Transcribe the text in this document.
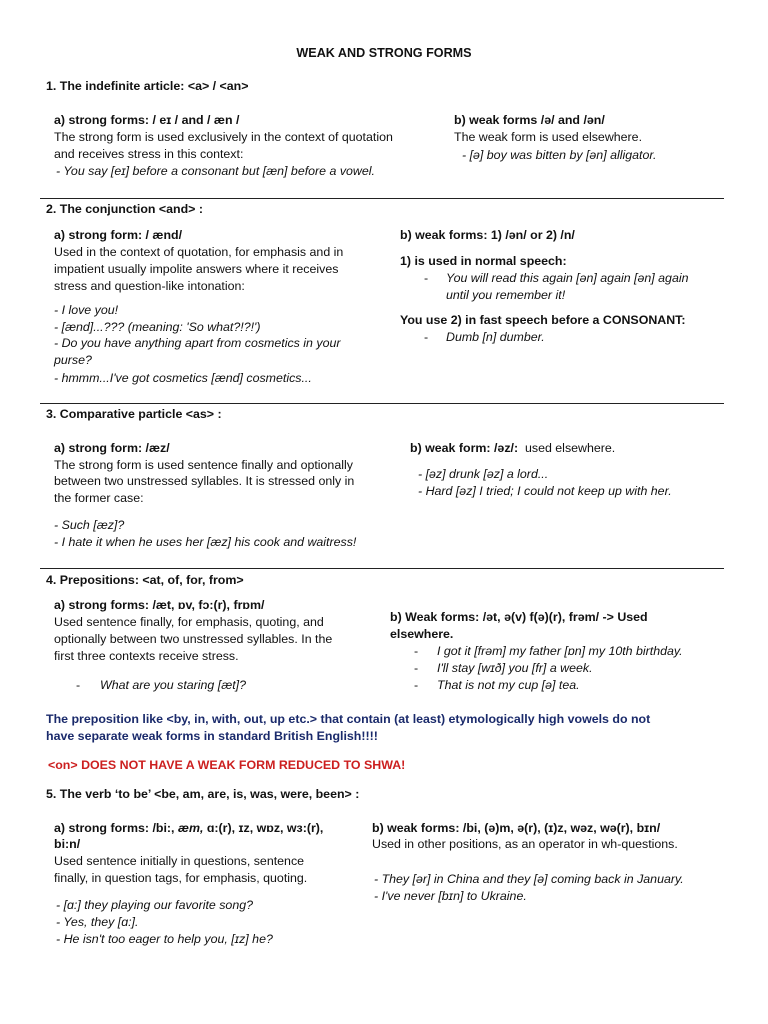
WEAK AND STRONG FORMS
1. The indefinite article: <a> / <an>
a) strong forms: / eɪ / and / æn /
The strong form is used exclusively in the context of quotation
and receives stress in this context:
- You say [eɪ] before a consonant but [æn] before a vowel.
b) weak forms /ə/ and /ən/
The weak form is used elsewhere.
- [ə] boy was bitten by [ən] alligator.
2. The conjunction <and> :
a) strong form: / ænd/
Used in the context of quotation, for emphasis and in
impatient usually impolite answers where it receives
stress and question-like intonation:
- I love you!
- [ænd]...??? (meaning: 'So what?!?!')
- Do you have anything apart from cosmetics in your
purse?
- hmmm...I've got cosmetics [ænd] cosmetics...
b) weak forms: 1) /ən/ or 2) /n/
1) is used in normal speech:
- You will read this again [ən] again [ən] again
until you remember it!
You use 2) in fast speech before a CONSONANT:
- Dumb [n] dumber.
3. Comparative particle <as> :
a) strong form: /æz/
The strong form is used sentence finally and optionally
between two unstressed syllables. It is stressed only in
the former case:
- Such [æz]?
- I hate it when he uses her [æz] his cook and waitress!
b) weak form: /əz/: used elsewhere.
- [əz] drunk [əz] a lord...
- Hard [əz] I tried; I could not keep up with her.
4. Prepositions: <at, of, for, from>
a) strong forms: /æt, ɒv, fɔ:(r), frɒm/
Used sentence finally, for emphasis, quoting, and
optionally between two unstressed syllables. In the
first three contexts receive stress.
- What are you staring [æt]?
b) Weak forms: /ət, ə(v) f(ə)(r), frəm/ -> Used
elsewhere.
- I got it [frəm] my father [ɒn] my 10th birthday.
- I'll stay [wɪð] you [fr] a week.
- That is not my cup [ə] tea.
The preposition like <by, in, with, out, up etc.> that contain (at least) etymologically high vowels do not
have separate weak forms in standard British English!!!!
<on> DOES NOT HAVE A WEAK FORM REDUCED TO SHWA!
5. The verb ‘to be’ <be, am, are, is, was, were, been> :
a) strong forms: /bi:, æm, ɑ:(r), ɪz, wɒz, wɜ:(r),
bi:n/
Used sentence initially in questions, sentence
finally, in question tags, for emphasis, quoting.
- [ɑ:] they playing our favorite song?
- Yes, they [ɑ:].
- He isn't too eager to help you, [ɪz] he?
b) weak forms: /bi, (ə)m, ə(r), (ɪ)z, wəz, wə(r), bɪn/
Used in other positions, as an operator in wh-questions.
- They [ər] in China and they [ə] coming back in January.
- I've never [bɪn] to Ukraine.
